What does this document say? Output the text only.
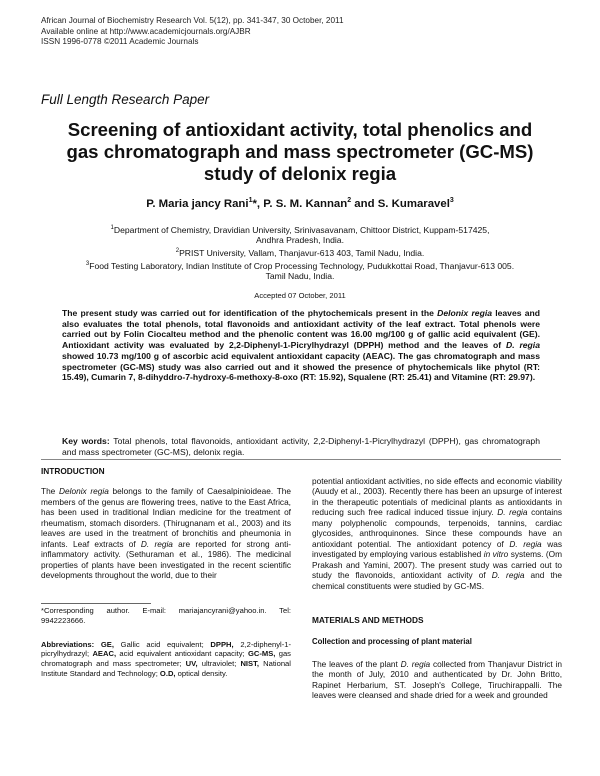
African Journal of Biochemistry Research Vol. 5(12), pp. 341-347, 30 October, 2011
Available online at http://www.academicjournals.org/AJBR
ISSN 1996-0778 ©2011 Academic Journals
Full Length Research Paper
Screening of antioxidant activity, total phenolics and
gas chromatograph and mass spectrometer (GC-MS)
study of delonix regia
P. Maria jancy Rani$^1$*, P. S. M. Kannan$^2$ and S. Kumaravel$^3$
$^1$Department of Chemistry, Dravidian University, Srinivasavanam, Chittoor District, Kuppam-517425,
Andhra Pradesh, India.
$^2$PRIST University, Vallam, Thanjavur-613 403, Tamil Nadu, India.
$^3$Food Testing Laboratory, Indian Institute of Crop Processing Technology, Pudukkottai Road, Thanjavur-613 005.
Tamil Nadu, India.
Accepted 07 October, 2011
The present study was carried out for identification of the phytochemicals present in the Delonix regia leaves and also evaluates the total phenols, total flavonoids and antioxidant activity of the leaf extract. Total phenols were carried out by Folin Ciocalteu method and the phenolic content was 16.00 mg/100 g of gallic acid equivalent (GE). Antioxidant activity was evaluated by 2,2-Diphenyl-1-Picrylhydrazyl (DPPH) method and the leaves of D. regia showed 10.73 mg/100 g of ascorbic acid equivalent antioxidant capacity (AEAC). The gas chromatograph and mass spectrometer (GC-MS) study was also carried out and it showed the presence of phytochemicals like phytol (RT: 15.49), Cumarin 7, 8-dihyddro-7-hydroxy-6-methoxy-8-oxo (RT: 15.92), Squalene (RT: 25.41) and Vitamine (RT: 29.97).
Key words: Total phenols, total flavonoids, antioxidant activity, 2,2-Diphenyl-1-Picrylhydrazyl (DPPH), gas chromatograph and mass spectrometer (GC-MS), delonix regia.
INTRODUCTION
The Delonix regia belongs to the family of Caesalpinioideae. The members of the genus are flowering trees, native to the East Africa, has been used in traditional Indian medicine for the treatment of rheumatism, stomach disorders. (Thirugnanam et al., 2003) and its leaves are used in the treatment of bronchitis and pheumonia in infants. Leaf extracts of D. regia are reported for strong anti-inflammatory activity. (Sethuraman et al., 1986). The medicinal properties of plants have been investigated in the recent scientific developments throughout the world, due to their
*Corresponding author. E-mail: mariajancyrani@yahoo.in. Tel: 9942223666.
Abbreviations: GE, Gallic acid equivalent; DPPH, 2,2-diphenyl-1-picrylhydrazyl; AEAC, acid equivalent antioxidant capacity; GC-MS, gas chromatograph and mass spectrometer; UV, ultraviolet; NIST, National Institute Standard and Technology; O.D, optical density.
potential antioxidant activities, no side effects and economic viability (Auudy et al., 2003). Recently there has been an upsurge of interest in the therapeutic potentials of medicinal plants as antioxidants in reducing such free radical induced tissue injury. D. regia contains many polyphenolic compounds, terpenoids, tannins, cardiac glycosides, anthroquinones. Since these compounds have an antioxidant potential. The antioxidant potency of D. regia was investigated by employing various established in vitro systems. (Om Prakash and Yamini, 2007). The present study was carried out to study the flavonoids, antioxidant activity of D. regia and the chemical constituents were studied by GC-MS.
MATERIALS AND METHODS
Collection and processing of plant material
The leaves of the plant D. regia collected from Thanjavur District in the month of July, 2010 and authenticated by Dr. John Britto, Rapinet Herbarium, ST. Joseph's College, Tiruchirappalli. The leaves were cleansed and shade dried for a week and grounded
